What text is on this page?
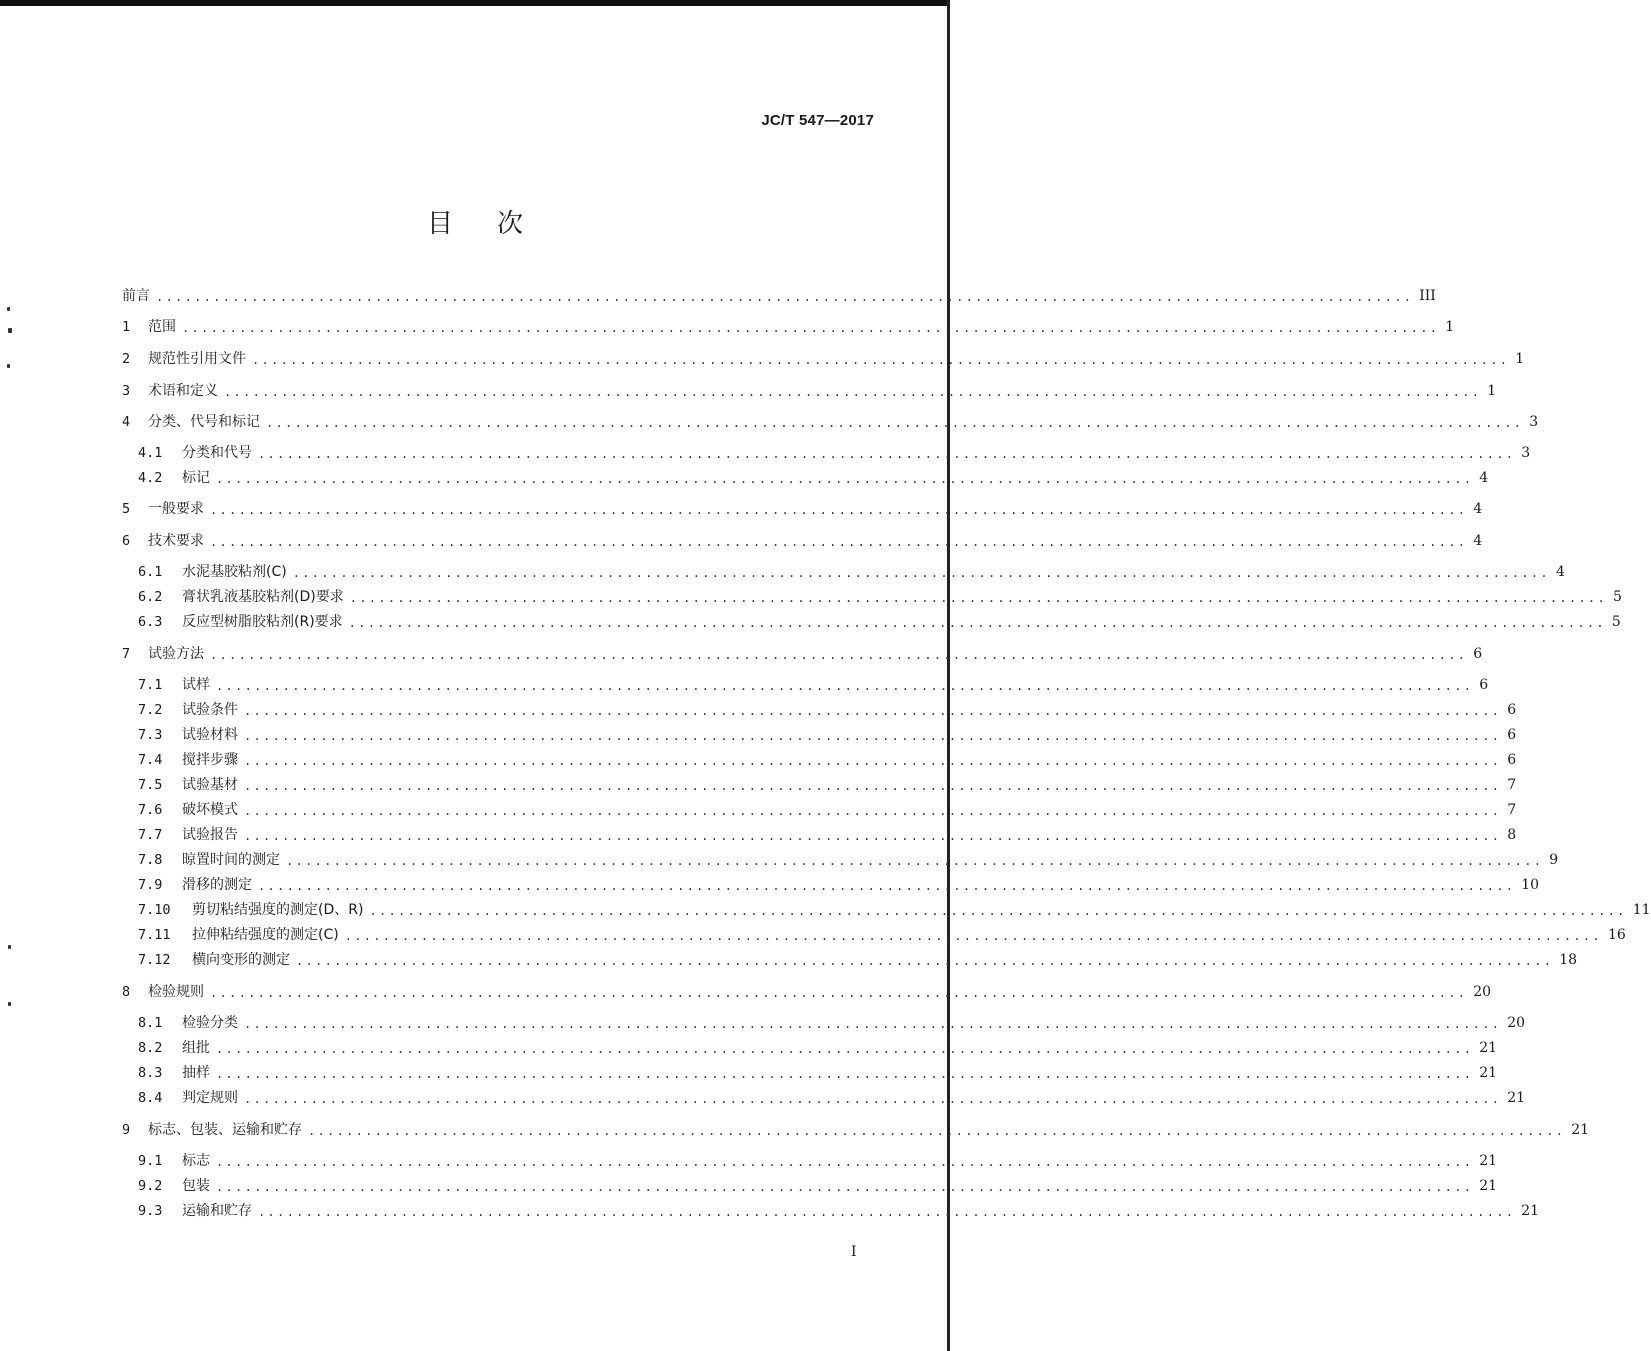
JC/T 547—2017
目次
前言 .................................................................................................................................... III
1	范围 .................................................................................................................................... 1
2	规范性引用文件 .................................................................................................................................... 1
3	术语和定义 .................................................................................................................................... 1
4	分类、代号和标记 .................................................................................................................................... 3
4.1	分类和代号 .................................................................................................................................... 3
4.2	标记 .................................................................................................................................... 4
5	一般要求 .................................................................................................................................... 4
6	技术要求 .................................................................................................................................... 4
6.1	水泥基胶粘剂(C) .................................................................................................................................... 4
6.2	膏状乳液基胶粘剂(D)要求 .................................................................................................................................... 5
6.3	反应型树脂胶粘剂(R)要求 .................................................................................................................................... 5
7	试验方法 .................................................................................................................................... 6
7.1	试样 .................................................................................................................................... 6
7.2	试验条件 .................................................................................................................................... 6
7.3	试验材料 .................................................................................................................................... 6
7.4	搅拌步骤 .................................................................................................................................... 6
7.5	试验基材 .................................................................................................................................... 7
7.6	破坏模式 .................................................................................................................................... 7
7.7	试验报告 .................................................................................................................................... 8
7.8	晾置时间的测定 .................................................................................................................................... 9
7.9	滑移的测定 .................................................................................................................................... 10
7.10	剪切粘结强度的测定(D、R) .................................................................................................................................... 11
7.11	拉伸粘结强度的测定(C) .................................................................................................................................... 16
7.12	横向变形的测定 .................................................................................................................................... 18
8	检验规则 .................................................................................................................................... 20
8.1	检验分类 .................................................................................................................................... 20
8.2	组批 .................................................................................................................................... 21
8.3	抽样 .................................................................................................................................... 21
8.4	判定规则 .................................................................................................................................... 21
9	标志、包装、运输和贮存 .................................................................................................................................... 21
9.1	标志 .................................................................................................................................... 21
9.2	包装 .................................................................................................................................... 21
9.3	运输和贮存 .................................................................................................................................... 21
I
